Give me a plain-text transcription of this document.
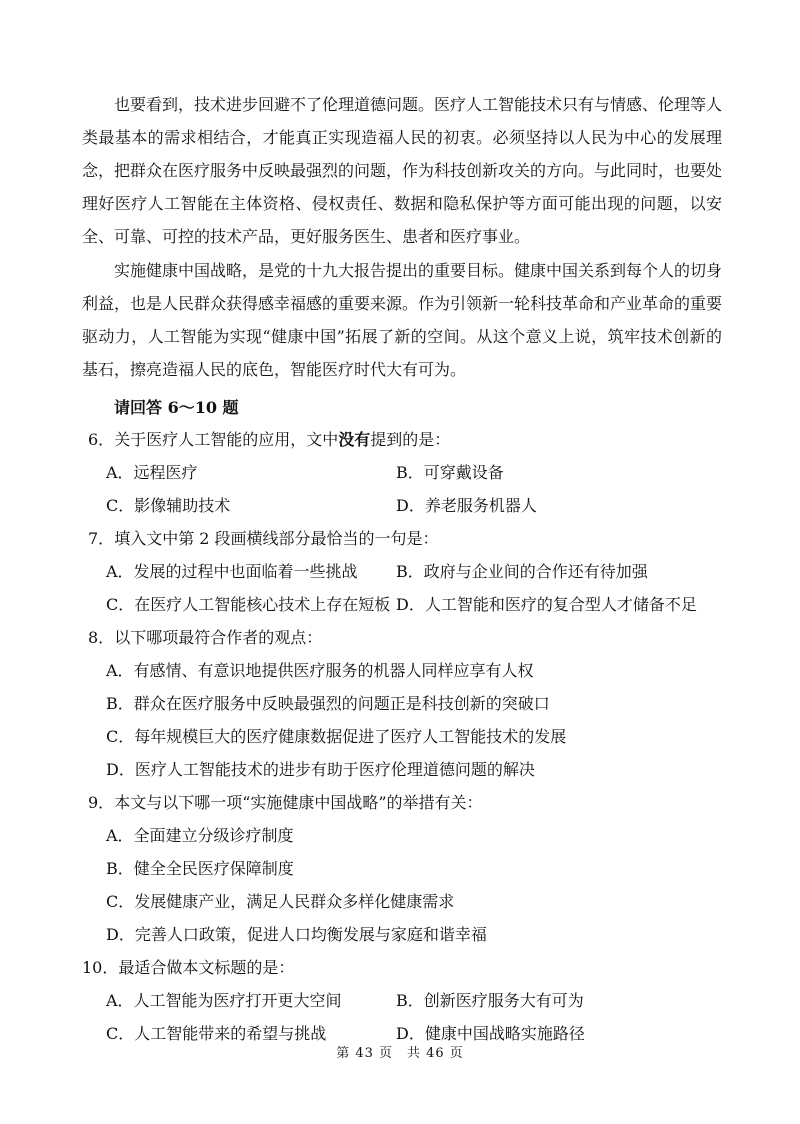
也要看到，技术进步回避不了伦理道德问题。医疗人工智能技术只有与情感、伦理等人类最基本的需求相结合，才能真正实现造福人民的初衷。必须坚持以人民为中心的发展理念，把群众在医疗服务中反映最强烈的问题，作为科技创新攻关的方向。与此同时，也要处理好医疗人工智能在主体资格、侵权责任、数据和隐私保护等方面可能出现的问题，以安全、可靠、可控的技术产品，更好服务医生、患者和医疗事业。

实施健康中国战略，是党的十九大报告提出的重要目标。健康中国关系到每个人的切身利益，也是人民群众获得感幸福感的重要来源。作为引领新一轮科技革命和产业革命的重要驱动力，人工智能为实现“健康中国”拓展了新的空间。从这个意义上说，筑牢技术创新的基石，擦亮造福人民的底色，智能医疗时代大有可为。

请回答 6～10 题

6．关于医疗人工智能的应用，文中没有提到的是：
A．远程医疗	B．可穿戴设备
C．影像辅助技术	D．养老服务机器人
7．填入文中第 2 段画横线部分最恰当的一句是：
A．发展的过程中也面临着一些挑战	B．政府与企业间的合作还有待加强
C．在医疗人工智能核心技术上存在短板 D．人工智能和医疗的复合型人才储备不足
8．以下哪项最符合作者的观点：
A．有感情、有意识地提供医疗服务的机器人同样应享有人权
B．群众在医疗服务中反映最强烈的问题正是科技创新的突破口
C．每年规模巨大的医疗健康数据促进了医疗人工智能技术的发展
D．医疗人工智能技术的进步有助于医疗伦理道德问题的解决
9．本文与以下哪一项“实施健康中国战略”的举措有关：
A．全面建立分级诊疗制度
B．健全全民医疗保障制度
C．发展健康产业，满足人民群众多样化健康需求
D．完善人口政策，促进人口均衡发展与家庭和谐幸福
10．最适合做本文标题的是：
A．人工智能为医疗打开更大空间	B．创新医疗服务大有可为
C．人工智能带来的希望与挑战	D．健康中国战略实施路径
第 43 页　共 46 页
